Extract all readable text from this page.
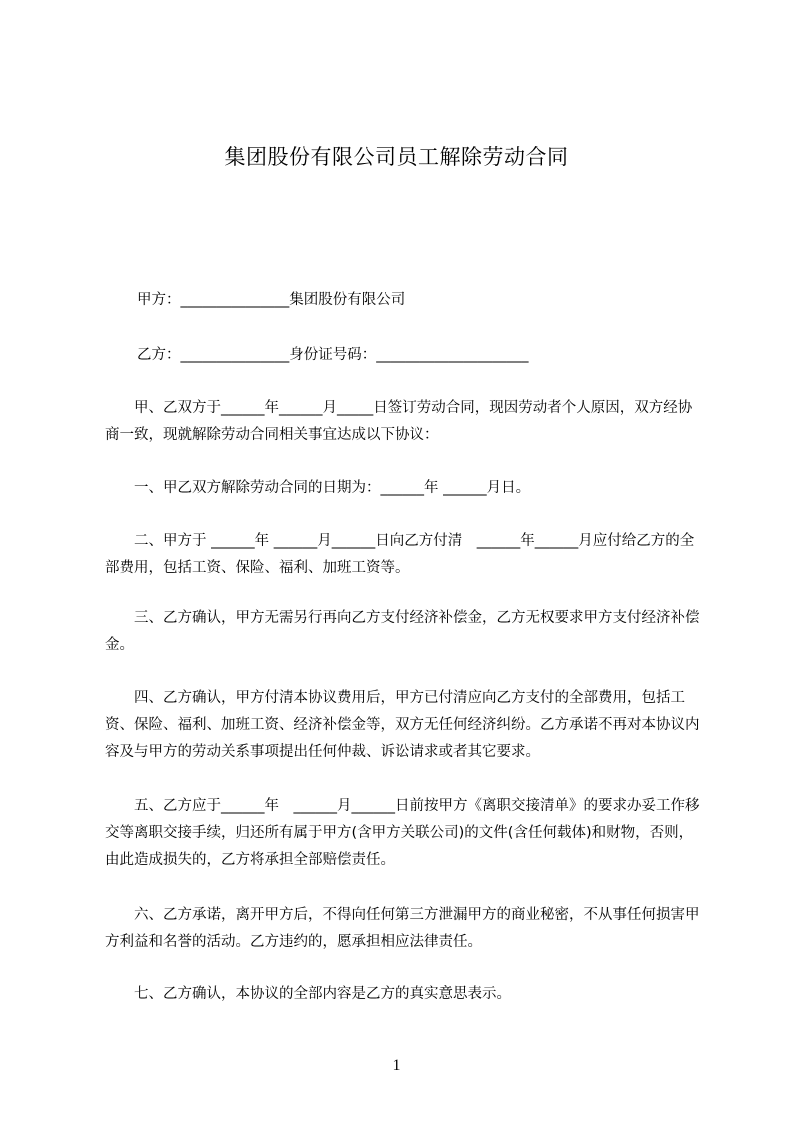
集团股份有限公司员工解除劳动合同
甲方：_______________集团股份有限公司
乙方：_______________身份证号码：_____________________
　　甲、乙双方于______年______月_____日签订劳动合同，现因劳动者个人原因，双方经协商一致，现就解除劳动合同相关事宜达成以下协议：
　　一、甲乙双方解除劳动合同的日期为：______年 ______月日。
　　二、甲方于 ______年 ______月______日向乙方付清　______年______月应付给乙方的全部费用，包括工资、保险、福利、加班工资等。
　　三、乙方确认，甲方无需另行再向乙方支付经济补偿金，乙方无权要求甲方支付经济补偿金。
　　四、乙方确认，甲方付清本协议费用后，甲方已付清应向乙方支付的全部费用，包括工资、保险、福利、加班工资、经济补偿金等，双方无任何经济纠纷。乙方承诺不再对本协议内容及与甲方的劳动关系事项提出任何仲裁、诉讼请求或者其它要求。
　　五、乙方应于______年　______月______日前按甲方《离职交接清单》的要求办妥工作移交等离职交接手续，归还所有属于甲方(含甲方关联公司)的文件(含任何载体)和财物，否则，由此造成损失的，乙方将承担全部赔偿责任。
　　六、乙方承诺，离开甲方后，不得向任何第三方泄漏甲方的商业秘密，不从事任何损害甲方利益和名誉的活动。乙方违约的，愿承担相应法律责任。
　　七、乙方确认，本协议的全部内容是乙方的真实意思表示。
1
